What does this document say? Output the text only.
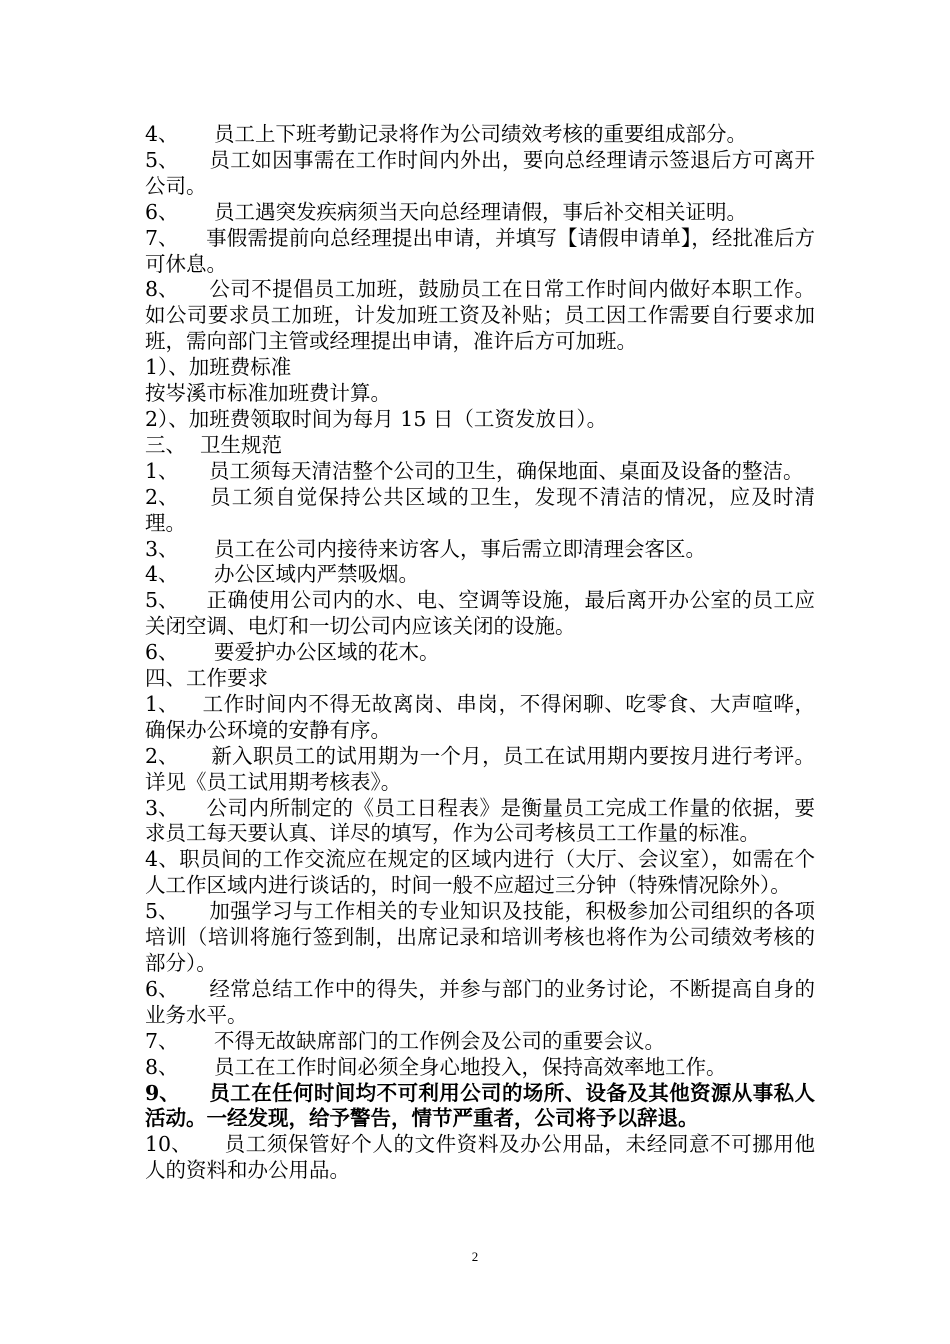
4、 员工上下班考勤记录将作为公司绩效考核的重要组成部分。

5、 员工如因事需在工作时间内外出，要向总经理请示签退后方可离开公司。

6、 员工遇突发疾病须当天向总经理请假，事后补交相关证明。

7、 事假需提前向总经理提出申请，并填写【请假申请单】，经批准后方可休息。

8、 公司不提倡员工加班，鼓励员工在日常工作时间内做好本职工作。如公司要求员工加班，计发加班工资及补贴；员工因工作需要自行要求加班，需向部门主管或经理提出申请，准许后方可加班。

1）、加班费标准

按岑溪市标准加班费计算。

2）、加班费领取时间为每月 15 日（工资发放日）。

三、 卫生规范

1、 员工须每天清洁整个公司的卫生，确保地面、桌面及设备的整洁。

2、 员工须自觉保持公共区域的卫生，发现不清洁的情况，应及时清理。

3、 员工在公司内接待来访客人，事后需立即清理会客区。

4、 办公区域内严禁吸烟。

5、 正确使用公司内的水、电、空调等设施，最后离开办公室的员工应关闭空调、电灯和一切公司内应该关闭的设施。

6、 要爱护办公区域的花木。

四、工作要求

1、 工作时间内不得无故离岗、串岗，不得闲聊、吃零食、大声喧哗，确保办公环境的安静有序。

2、 新入职员工的试用期为一个月，员工在试用期内要按月进行考评。详见《员工试用期考核表》。

3、 公司内所制定的《员工日程表》是衡量员工完成工作量的依据，要求员工每天要认真、详尽的填写，作为公司考核员工工作量的标准。

4、职员间的工作交流应在规定的区域内进行（大厅、会议室），如需在个人工作区域内进行谈话的，时间一般不应超过三分钟（特殊情况除外）。

5、 加强学习与工作相关的专业知识及技能，积极参加公司组织的各项培训（培训将施行签到制，出席记录和培训考核也将作为公司绩效考核的部分）。

6、 经常总结工作中的得失，并参与部门的业务讨论，不断提高自身的业务水平。

7、 不得无故缺席部门的工作例会及公司的重要会议。

8、 员工在工作时间必须全身心地投入，保持高效率地工作。

9、 员工在任何时间均不可利用公司的场所、设备及其他资源从事私人活动。一经发现，给予警告，情节严重者，公司将予以辞退。

10、 员工须保管好个人的文件资料及办公用品，未经同意不可挪用他人的资料和办公用品。

2
